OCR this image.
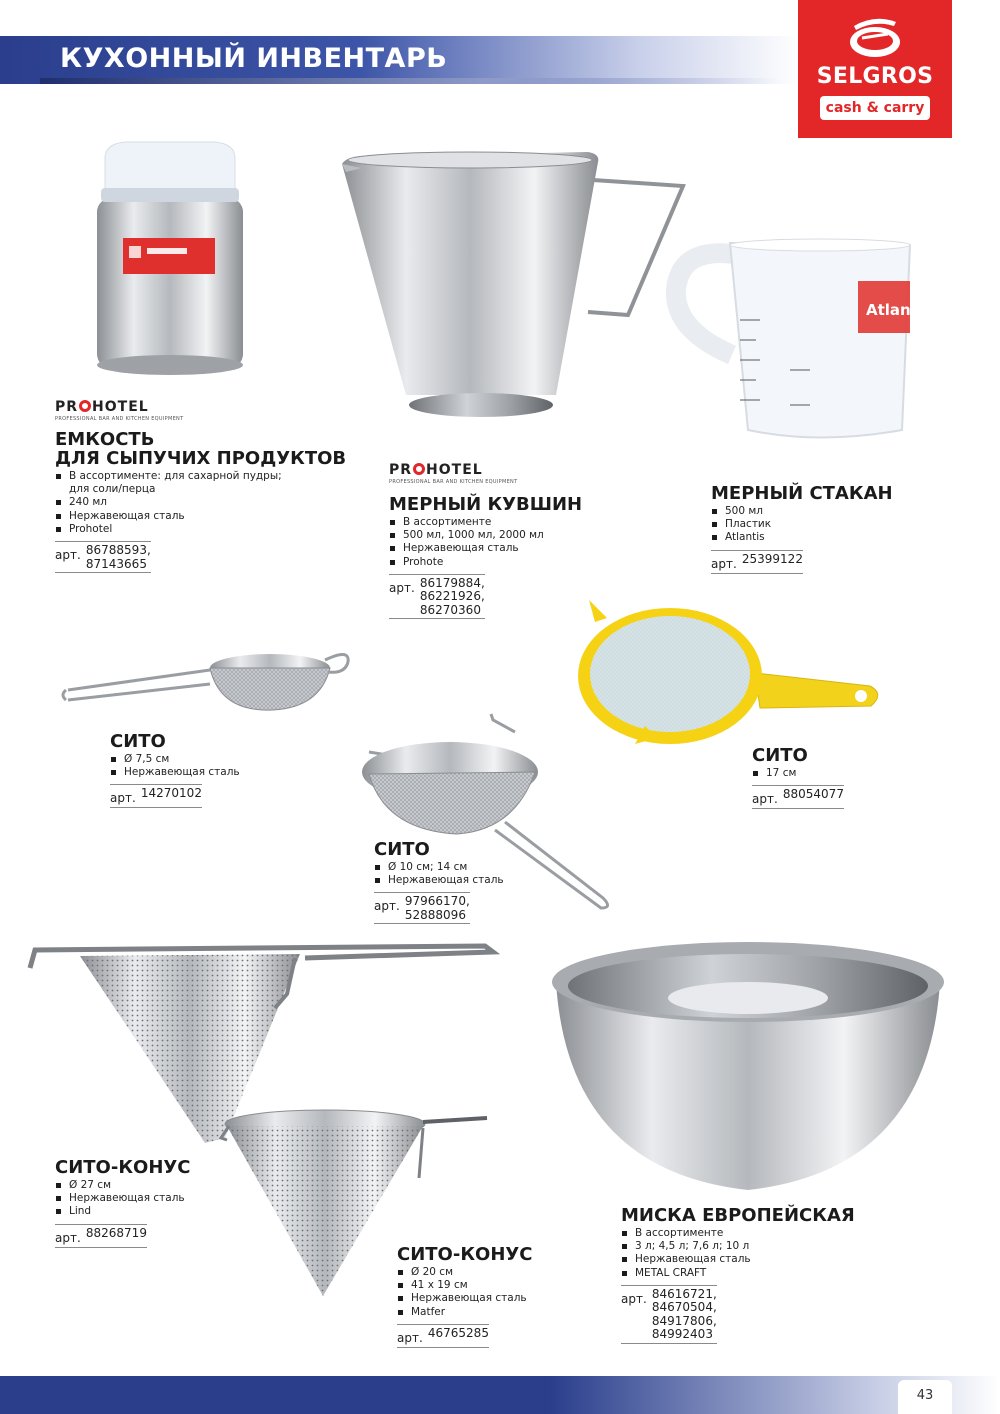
КУХОННЫЙ ИНВЕНТАРЬ
SELGROS
cash & carry
Atlan
PR HOTEL
PROFESSIONAL BAR AND KITCHEN EQUIPMENT
ЕМКОСТЬ
ДЛЯ СЫПУЧИХ ПРОДУКТОВ
В ассортименте: для сахарной пудры;
для соли/перца
240 мл
Нержавеющая сталь
Prohotel
арт. 86788593,
87143665
PR HOTEL
PROFESSIONAL BAR AND KITCHEN EQUIPMENT
МЕРНЫЙ КУВШИН
В ассортименте
500 мл, 1000 мл, 2000 мл
Нержавеющая сталь
Prohote
арт. 86179884,
86221926,
86270360
МЕРНЫЙ СТАКАН
500 мл
Пластик
Atlantis
арт. 25399122
СИТО
Ø 7,5 см
Нержавеющая сталь
арт. 14270102
СИТО
17 см
арт. 88054077
СИТО
Ø 10 см; 14 см
Нержавеющая сталь
арт. 97966170,
52888096
СИТО-КОНУС
Ø 27 см
Нержавеющая сталь
Lind
арт. 88268719
СИТО-КОНУС
Ø 20 см
41 x 19 см
Нержавеющая сталь
Matfer
арт. 46765285
МИСКА ЕВРОПЕЙСКАЯ
В ассортименте
3 л; 4,5 л; 7,6 л; 10 л
Нержавеющая сталь
METAL CRAFT
арт. 84616721,
84670504,
84917806,
84992403
43
